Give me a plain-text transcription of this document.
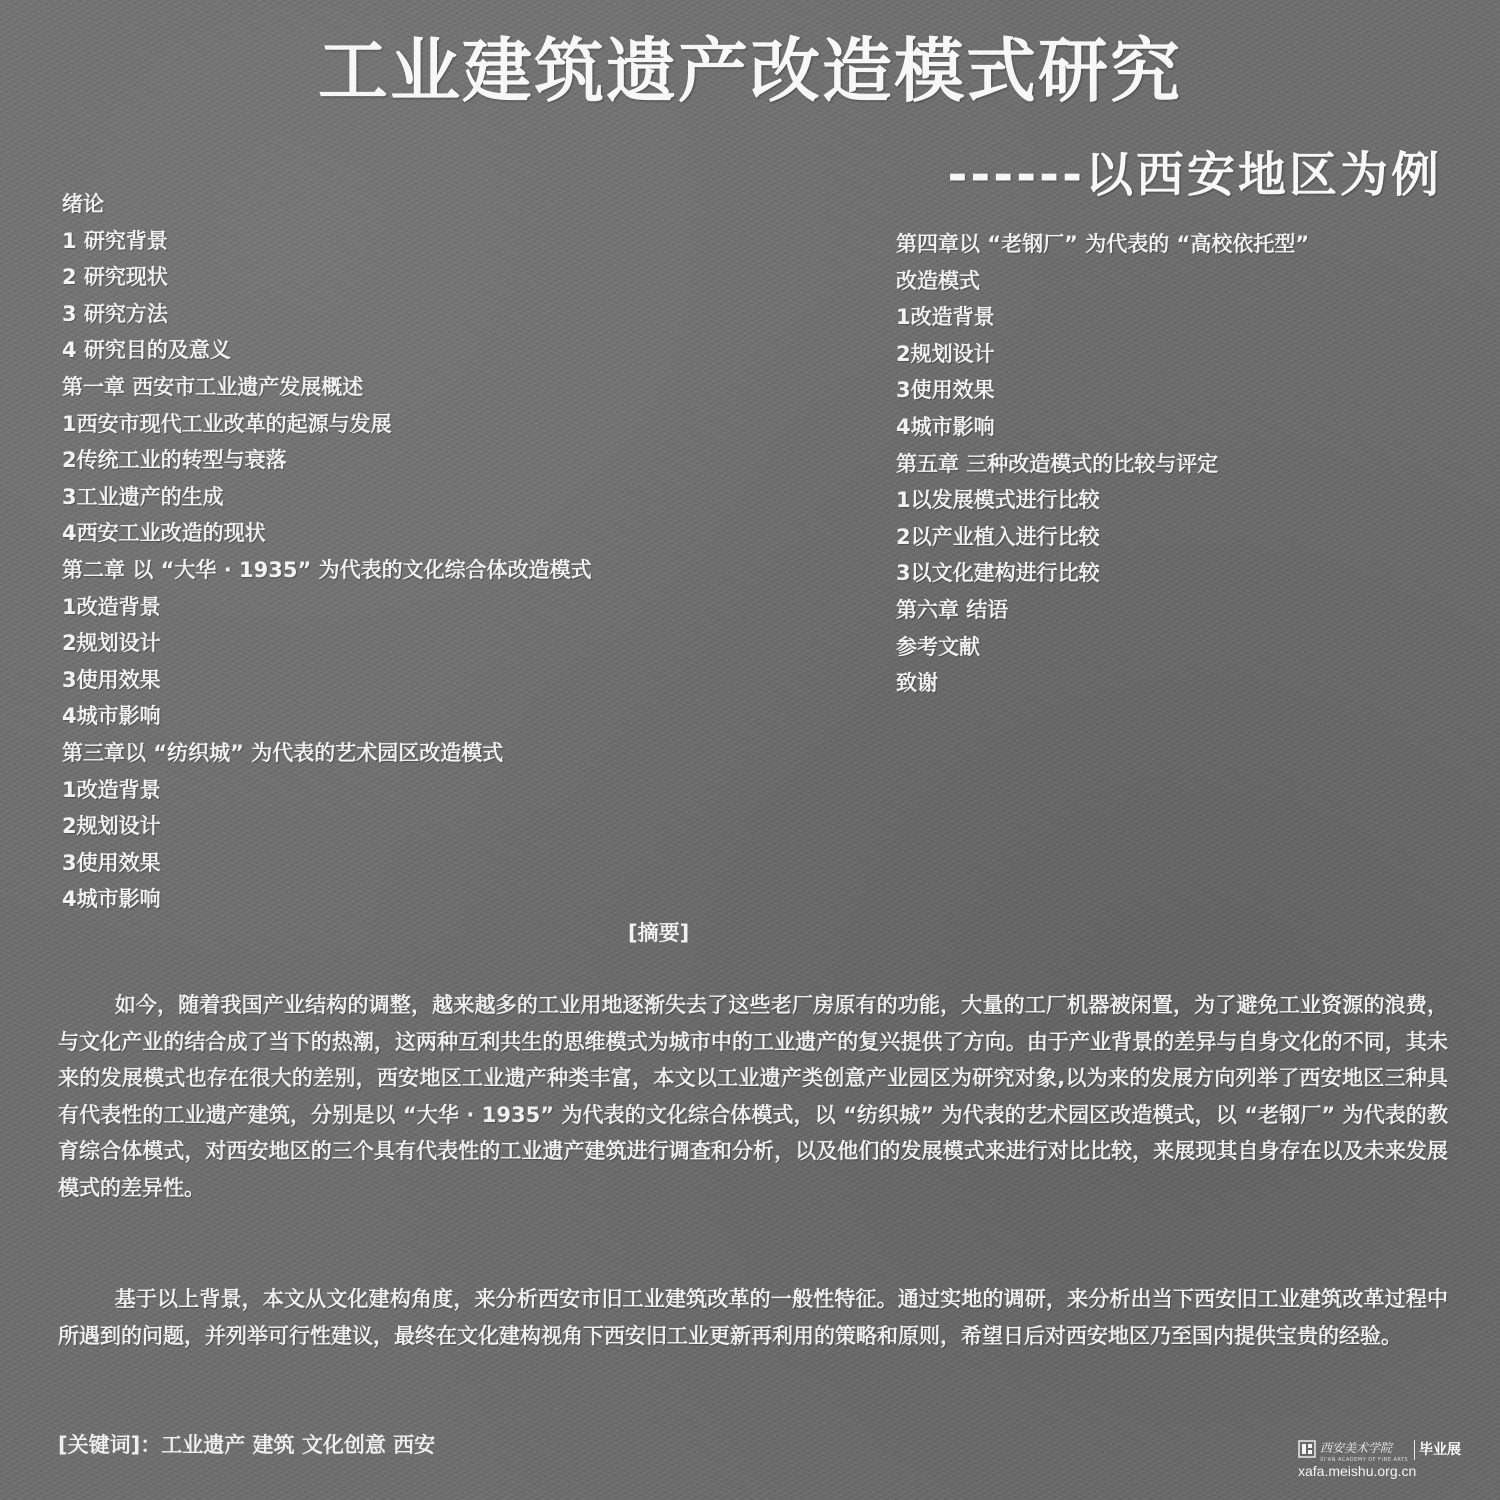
工业建筑遗产改造模式研究
------以西安地区为例
绪论
1 研究背景
2 研究现状
3 研究方法
4 研究目的及意义
第一章 西安市工业遗产发展概述
1西安市现代工业改革的起源与发展
2传统工业的转型与衰落
3工业遗产的生成
4西安工业改造的现状
第二章 以 “大华 · 1935” 为代表的文化综合体改造模式
1改造背景
2规划设计
3使用效果
4城市影响
第三章以 “纺织城” 为代表的艺术园区改造模式
1改造背景
2规划设计
3使用效果
4城市影响
第四章以 “老钢厂” 为代表的 “高校依托型”
改造模式
1改造背景
2规划设计
3使用效果
4城市影响
第五章 三种改造模式的比较与评定
1以发展模式进行比较
2以产业植入进行比较
3以文化建构进行比较
第六章 结语
参考文献
致谢
[摘要]

如今，随着我国产业结构的调整，越来越多的工业用地逐渐失去了这些老厂房原有的功能，大量的工厂机器被闲置，为了避免工业资源的浪费，与文化产业的结合成了当下的热潮，这两种互利共生的思维模式为城市中的工业遗产的复兴提供了方向。由于产业背景的差异与自身文化的不同，其未来的发展模式也存在很大的差别，西安地区工业遗产种类丰富，本文以工业遗产类创意产业园区为研究对象,以为来的发展方向列举了西安地区三种具有代表性的工业遗产建筑，分别是以 “大华 · 1935” 为代表的文化综合体模式，以 “纺织城” 为代表的艺术园区改造模式，以 “老钢厂” 为代表的教育综合体模式，对西安地区的三个具有代表性的工业遗产建筑进行调查和分析，以及他们的发展模式来进行对比比较，来展现其自身存在以及未来发展模式的差异性。

基于以上背景，本文从文化建构角度，来分析西安市旧工业建筑改革的一般性特征。通过实地的调研，来分析出当下西安旧工业建筑改革过程中所遇到的问题，并列举可行性建议，最终在文化建构视角下西安旧工业更新再利用的策略和原则，希望日后对西安地区乃至国内提供宝贵的经验。

[关键词]：工业遗产 建筑 文化创意 西安	西安美术学院
XI'AN ACADEMY OF FINE ARTS
毕业展
xafa.meishu.org.cn
